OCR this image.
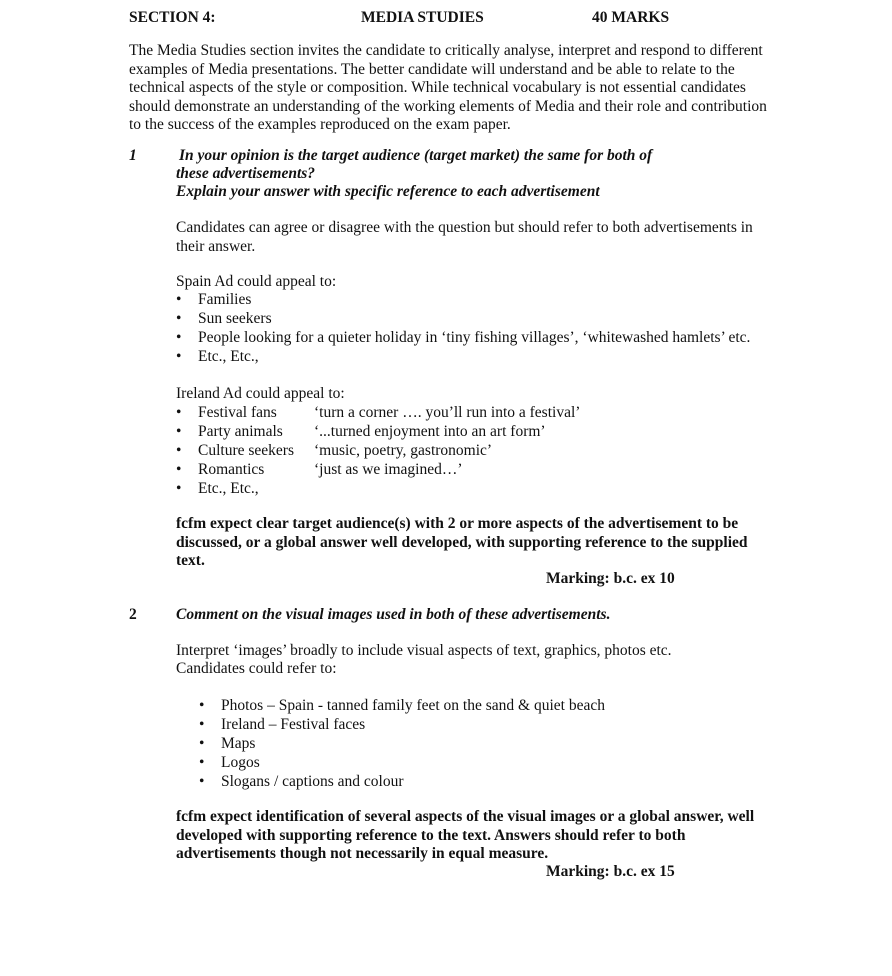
SECTION 4:	MEDIA STUDIES	40 MARKS

The Media Studies section invites the candidate to critically analyse, interpret and respond to different examples of Media presentations. The better candidate will understand and be able to relate to the technical aspects of the style or composition. While technical vocabulary is not essential candidates should demonstrate an understanding of the working elements of Media and their role and contribution to the success of the examples reproduced on the exam paper.

1	In your opinion is the target audience (target market) the same for both of
these advertisements?
Explain your answer with specific reference to each advertisement

Candidates can agree or disagree with the question but should refer to both advertisements in their answer.

Spain Ad could appeal to:
•	Families
•	Sun seekers
•	People looking for a quieter holiday in ‘tiny fishing villages’, ‘whitewashed hamlets’ etc.
•	Etc., Etc.,
Ireland Ad could appeal to:
•	Festival fans ‘turn a corner …. you’ll run into a festival’
•	Party animals ‘...turned enjoyment into an art form’
•	Culture seekers ‘music, poetry, gastronomic’
•	Romantics	‘just as we imagined…’
•	Etc., Etc.,

fcfm expect clear target audience(s) with 2 or more aspects of the advertisement to be discussed, or a global answer well developed, with supporting reference to the supplied text.

Marking: b.c. ex 10
2	Comment on the visual images used in both of these advertisements.
Interpret ‘images’ broadly to include visual aspects of text, graphics, photos etc.
Candidates could refer to:
•	Photos – Spain - tanned family feet on the sand & quiet beach
•	Ireland – Festival faces
•	Maps
•	Logos
•	Slogans / captions and colour

fcfm expect identification of several aspects of the visual images or a global answer, well developed with supporting reference to the text. Answers should refer to both advertisements though not necessarily in equal measure.

Marking: b.c. ex 15
